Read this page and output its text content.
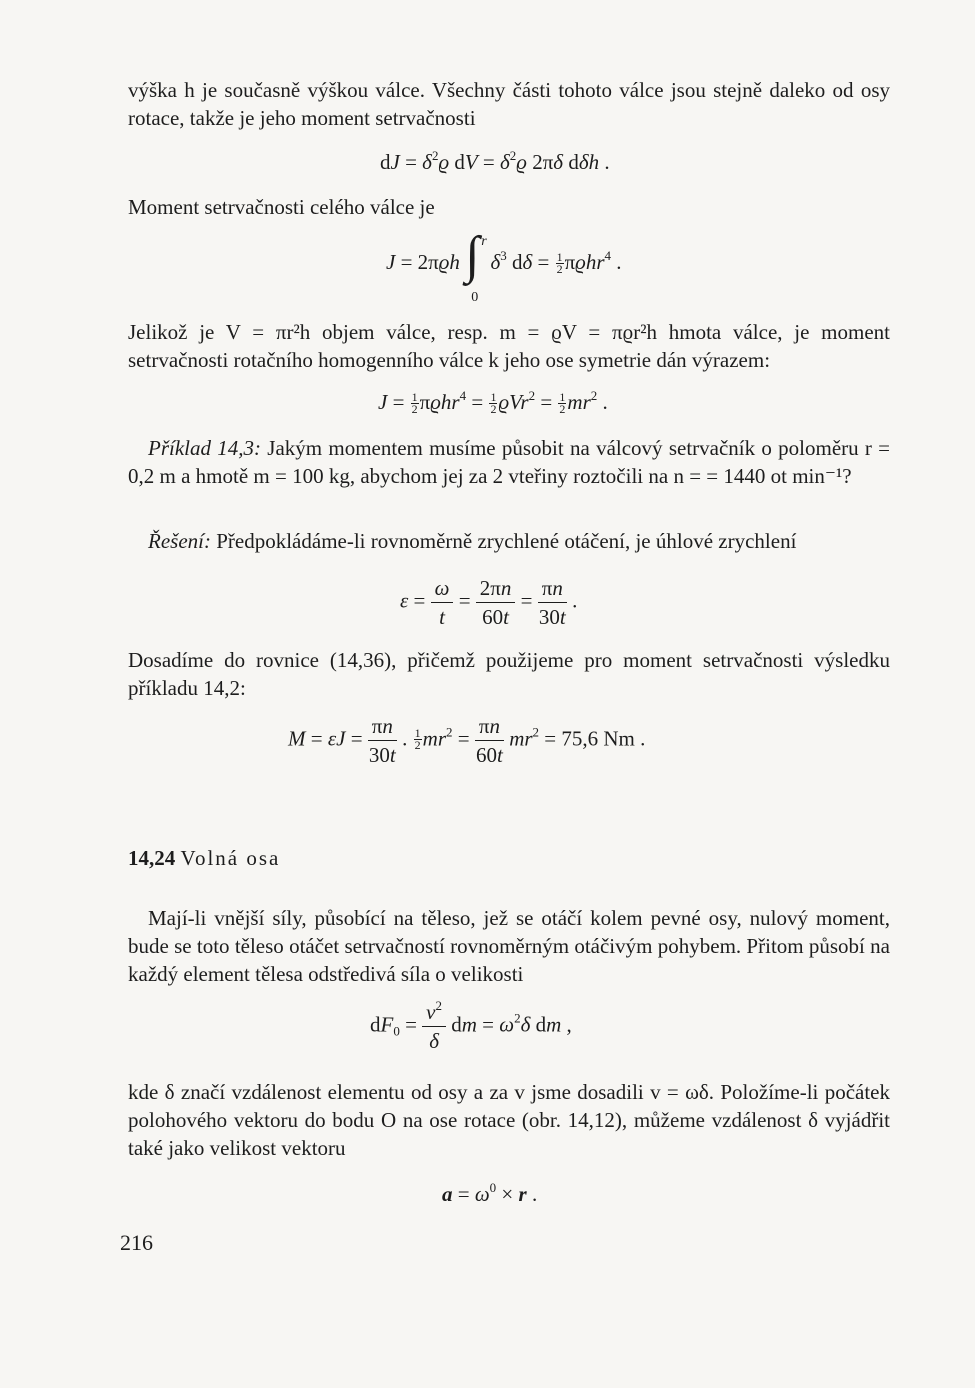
výška h je současně výškou válce. Všechny části tohoto válce jsou stejně daleko od osy rotace, takže je jeho moment setrvačnosti

dJ = $\delta^2ϱ$ dV = $\delta^2ϱ$ 2πδ dδh .

Moment setrvačnosti celého válce je

J = 2πϱh ∫ r
0
$\delta^3$ $d\delta = \frac{1}{2} \pi ϱhr^4$ .

Jelikož je V = πr²h objem válce, resp. m = ϱV = πϱr²h hmota válce, je moment setrvačnosti rotačního homogenního válce k jeho ose symetrie dán výrazem:

$J = \frac{1}{2} \pi ϱhr^4 = \frac{1}{2} ϱVr^2 = \frac{1}{2} mr^2$ .

Příklad 14,3: Jakým momentem musíme působit na válcový setrvačník o poloměru r = 0,2 m a hmotě m = 100 kg, abychom jej za 2 vteřiny roztočili na n = = 1440 ot min⁻¹?

Řešení: Předpokládáme-li rovnoměrně zrychlené otáčení, je úhlové zrychlení

$\varepsilon = \frac{\omega}{t} = \frac{2\pi n}{60t} = \frac{\pi n}{30t}$ .

Dosadíme do rovnice (14,36), přičemž použijeme pro moment setrvačnosti výsledku příkladu 14,2:

$M = \varepsilon J = \frac{\pi n}{30t}$ . $\frac{1}{2} mr^2 = \frac{\pi n}{60t} mr^2 = 75,6$ Nm .
14,24 Volná osa

Mají-li vnější síly, působící na těleso, jež se otáčí kolem pevné osy, nulový moment, bude se toto těleso otáčet setrvačností rovnoměrným otáčivým pohybem. Přitom působí na každý element tělesa odstředivá síla o velikosti

$dF_0 = \frac{v^2}{\delta}$ dm = $\omega^2\delta$ dm ,

kde δ značí vzdálenost elementu od osy a za v jsme dosadili v = ωδ. Položíme-li počátek polohového vektoru do bodu O na ose rotace (obr. 14,12), můžeme vzdálenost δ vyjádřit také jako velikost vektoru

$a = \omega^0 \times r$ .
216
